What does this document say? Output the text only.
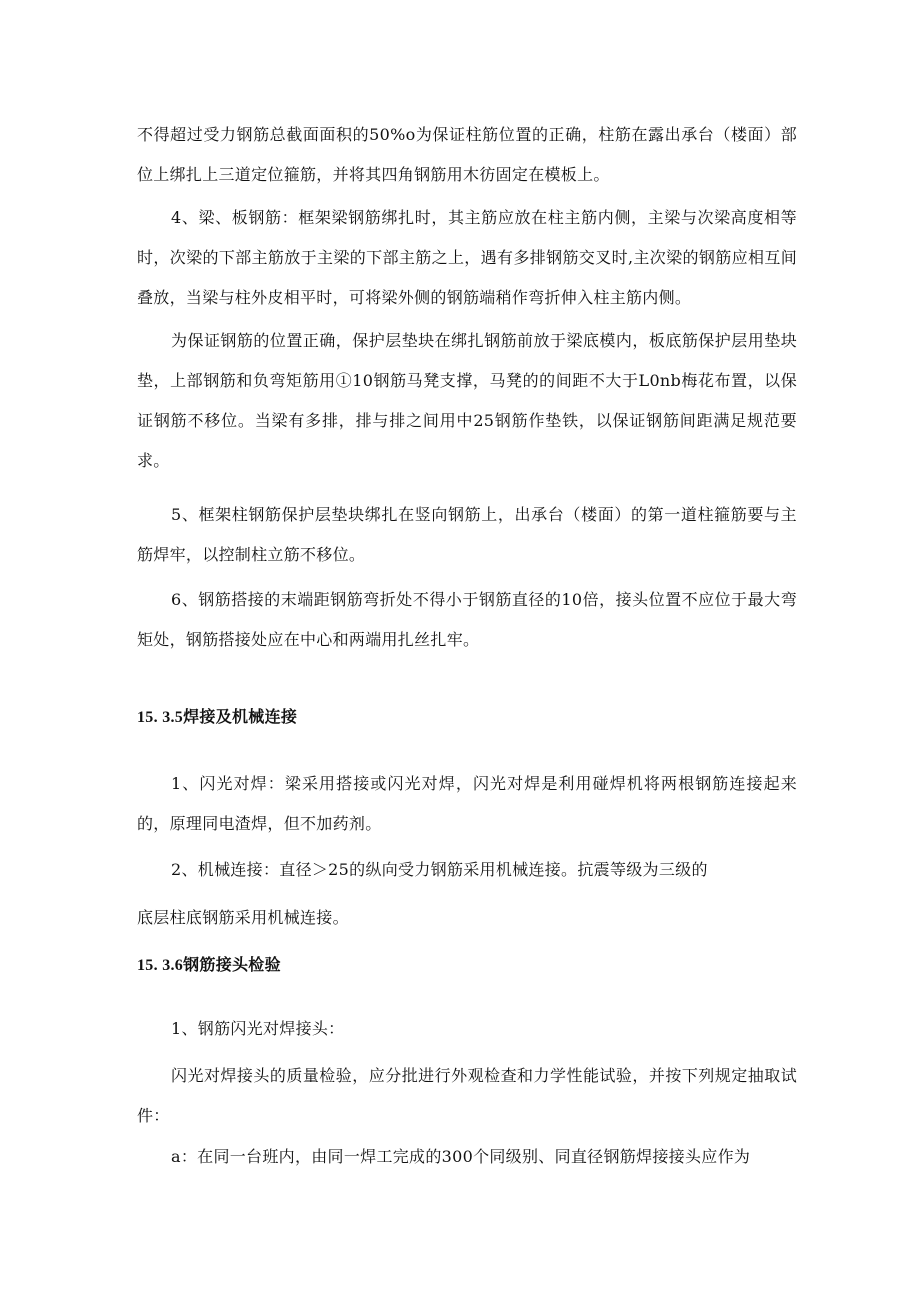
不得超过受力钢筋总截面面积的50%o为保证柱筋位置的正确，柱筋在露出承台（楼面）部位上绑扎上三道定位箍筋，并将其四角钢筋用木彷固定在模板上。

4、梁、板钢筋：框架梁钢筋绑扎时，其主筋应放在柱主筋内侧，主梁与次梁高度相等时，次梁的下部主筋放于主梁的下部主筋之上，遇有多排钢筋交叉时,主次梁的钢筋应相互间叠放，当梁与柱外皮相平时，可将梁外侧的钢筋端稍作弯折伸入柱主筋内侧。

为保证钢筋的位置正确，保护层垫块在绑扎钢筋前放于梁底模内，板底筋保护层用垫块垫，上部钢筋和负弯矩筋用①10钢筋马凳支撑，马凳的的间距不大于L0nb梅花布置，以保证钢筋不移位。当梁有多排，排与排之间用中25钢筋作垫铁，以保证钢筋间距满足规范要求。

5、框架柱钢筋保护层垫块绑扎在竖向钢筋上，出承台（楼面）的第一道柱箍筋要与主筋焊牢，以控制柱立筋不移位。

6、钢筋搭接的末端距钢筋弯折处不得小于钢筋直径的10倍，接头位置不应位于最大弯矩处，钢筋搭接处应在中心和两端用扎丝扎牢。

15. 3.5焊接及机械连接

1、闪光对焊：梁采用搭接或闪光对焊，闪光对焊是利用碰焊机将两根钢筋连接起来的，原理同电渣焊，但不加药剂。

2、机械连接：直径＞25的纵向受力钢筋采用机械连接。抗震等级为三级的

底层柱底钢筋采用机械连接。

15. 3.6钢筋接头检验

1、钢筋闪光对焊接头：

闪光对焊接头的质量检验，应分批进行外观检查和力学性能试验，并按下列规定抽取试件：

a：在同一台班内，由同一焊工完成的300个同级别、同直径钢筋焊接接头应作为
